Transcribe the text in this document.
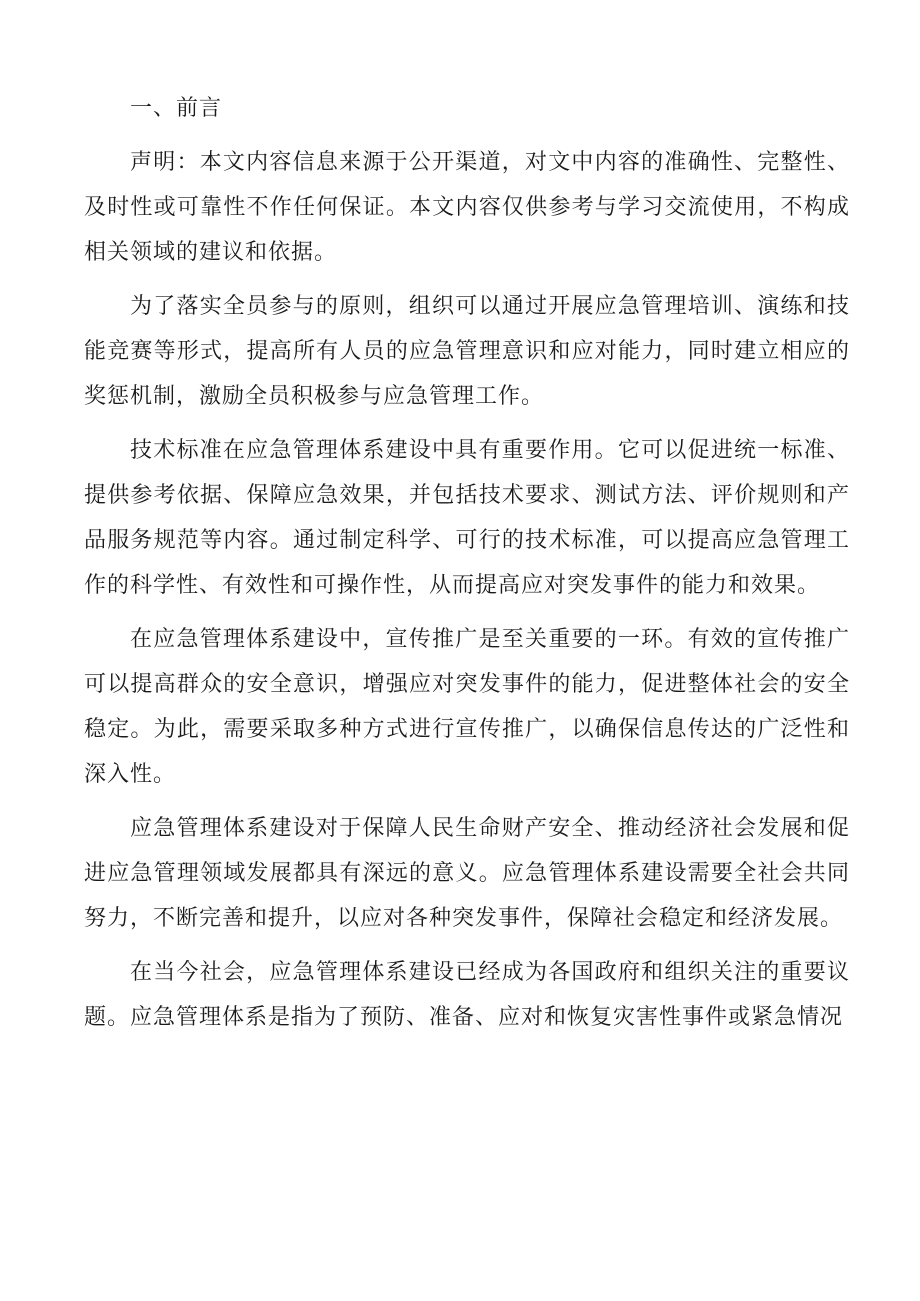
一、前言

声明：本文内容信息来源于公开渠道，对文中内容的准确性、完整性、及时性或可靠性不作任何保证。本文内容仅供参考与学习交流使用，不构成相关领域的建议和依据。

为了落实全员参与的原则，组织可以通过开展应急管理培训、演练和技能竞赛等形式，提高所有人员的应急管理意识和应对能力，同时建立相应的奖惩机制，激励全员积极参与应急管理工作。

技术标准在应急管理体系建设中具有重要作用。它可以促进统一标准、提供参考依据、保障应急效果，并包括技术要求、测试方法、评价规则和产品服务规范等内容。通过制定科学、可行的技术标准，可以提高应急管理工作的科学性、有效性和可操作性，从而提高应对突发事件的能力和效果。

在应急管理体系建设中，宣传推广是至关重要的一环。有效的宣传推广可以提高群众的安全意识，增强应对突发事件的能力，促进整体社会的安全稳定。为此，需要采取多种方式进行宣传推广，以确保信息传达的广泛性和深入性。

应急管理体系建设对于保障人民生命财产安全、推动经济社会发展和促进应急管理领域发展都具有深远的意义。应急管理体系建设需要全社会共同努力，不断完善和提升，以应对各种突发事件，保障社会稳定和经济发展。

在当今社会，应急管理体系建设已经成为各国政府和组织关注的重要议题。应急管理体系是指为了预防、准备、应对和恢复灾害性事件或紧急情况
